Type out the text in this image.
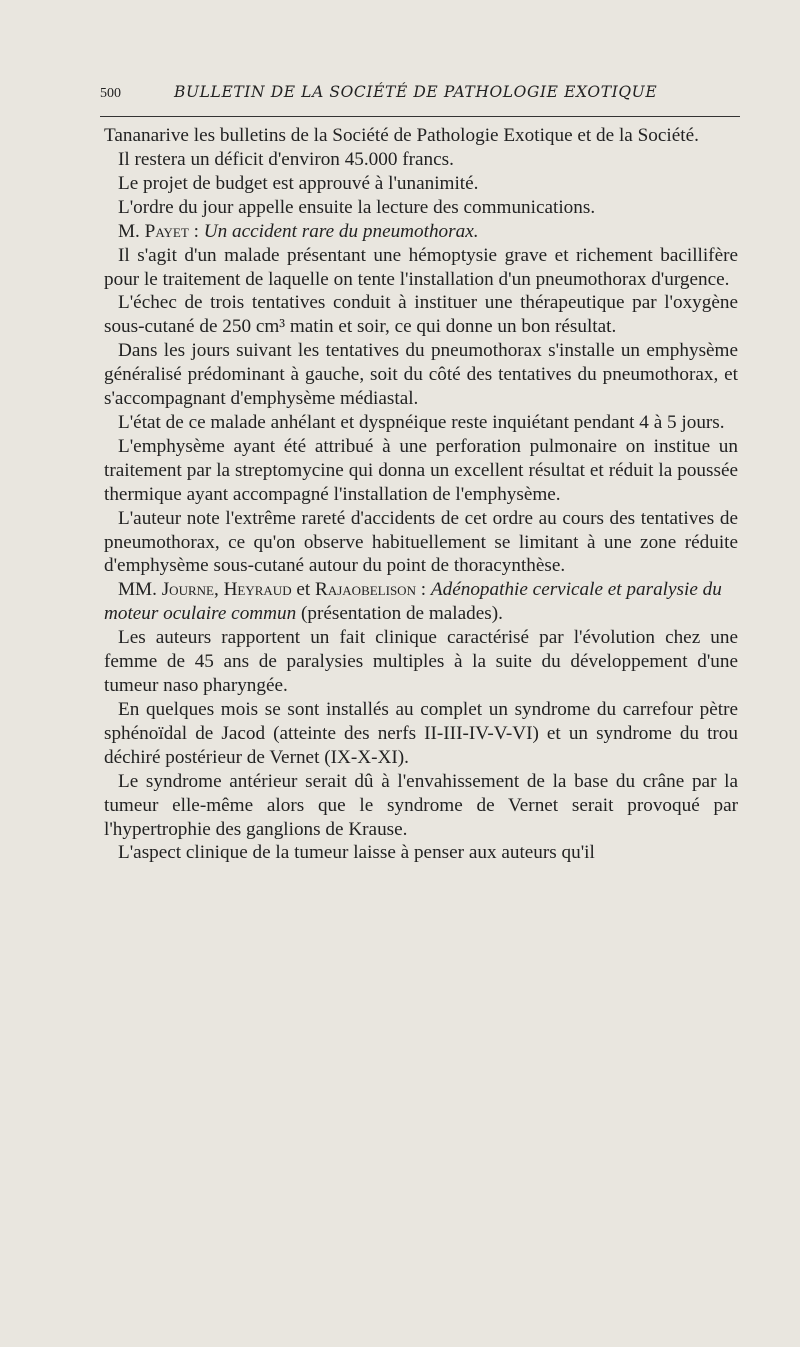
500	BULLETIN DE LA SOCIÉTÉ DE PATHOLOGIE EXOTIQUE

Tananarive les bulletins de la Société de Pathologie Exotique et de la Société.

Il restera un déficit d'environ 45.000 francs.

Le projet de budget est approuvé à l'unanimité.

L'ordre du jour appelle ensuite la lecture des communications.

M. Payet : Un accident rare du pneumothorax.

Il s'agit d'un malade présentant une hémoptysie grave et richement bacillifère pour le traitement de laquelle on tente l'installation d'un pneumothorax d'urgence.

L'échec de trois tentatives conduit à instituer une thérapeutique par l'oxygène sous-cutané de 250 cm³ matin et soir, ce qui donne un bon résultat.

Dans les jours suivant les tentatives du pneumothorax s'installe un emphysème généralisé prédominant à gauche, soit du côté des tentatives du pneumothorax, et s'accompagnant d'emphysème médiastal.

L'état de ce malade anhélant et dyspnéique reste inquiétant pendant 4 à 5 jours.

L'emphysème ayant été attribué à une perforation pulmonaire on institue un traitement par la streptomycine qui donna un excellent résultat et réduit la poussée thermique ayant accompagné l'installation de l'emphysème.

L'auteur note l'extrême rareté d'accidents de cet ordre au cours des tentatives de pneumothorax, ce qu'on observe habituellement se limitant à une zone réduite d'emphysème sous-cutané autour du point de thoracynthèse.

MM. Journe, Heyraud et Rajaobelison : Adénopathie cervicale et paralysie du moteur oculaire commun (présentation de malades).

Les auteurs rapportent un fait clinique caractérisé par l'évolution chez une femme de 45 ans de paralysies multiples à la suite du développement d'une tumeur naso pharyngée.

En quelques mois se sont installés au complet un syndrome du carrefour pètre sphénoïdal de Jacod (atteinte des nerfs II-III-IV-V-VI) et un syndrome du trou déchiré postérieur de Vernet (IX-X-XI).

Le syndrome antérieur serait dû à l'envahissement de la base du crâne par la tumeur elle-même alors que le syndrome de Vernet serait provoqué par l'hypertrophie des ganglions de Krause.

L'aspect clinique de la tumeur laisse à penser aux auteurs qu'il
